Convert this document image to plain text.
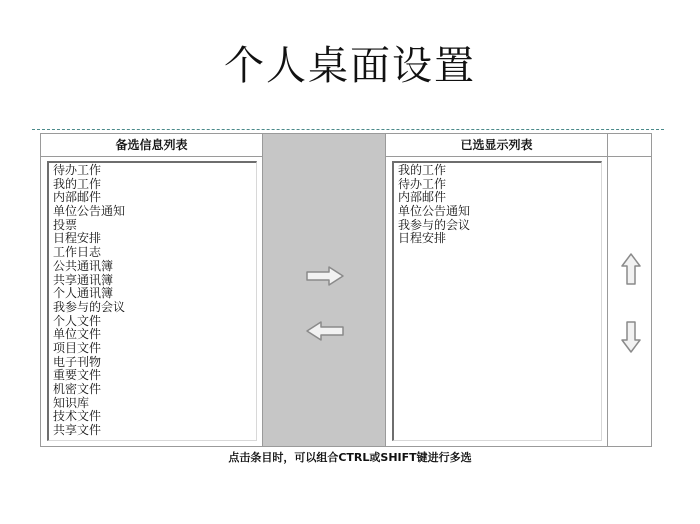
个人桌面设置
备选信息列表
待办工作
我的工作
内部邮件
单位公告通知
投票
日程安排
工作日志
公共通讯簿
共享通讯簿
个人通讯簿
我参与的会议
个人文件
单位文件
项目文件
电子刊物
重要文件
机密文件
知识库
技术文件
共享文件
已选显示列表
我的工作
待办工作
内部邮件
单位公告通知
我参与的会议
日程安排
点击条目时，可以组合CTRL或SHIFT键进行多选
